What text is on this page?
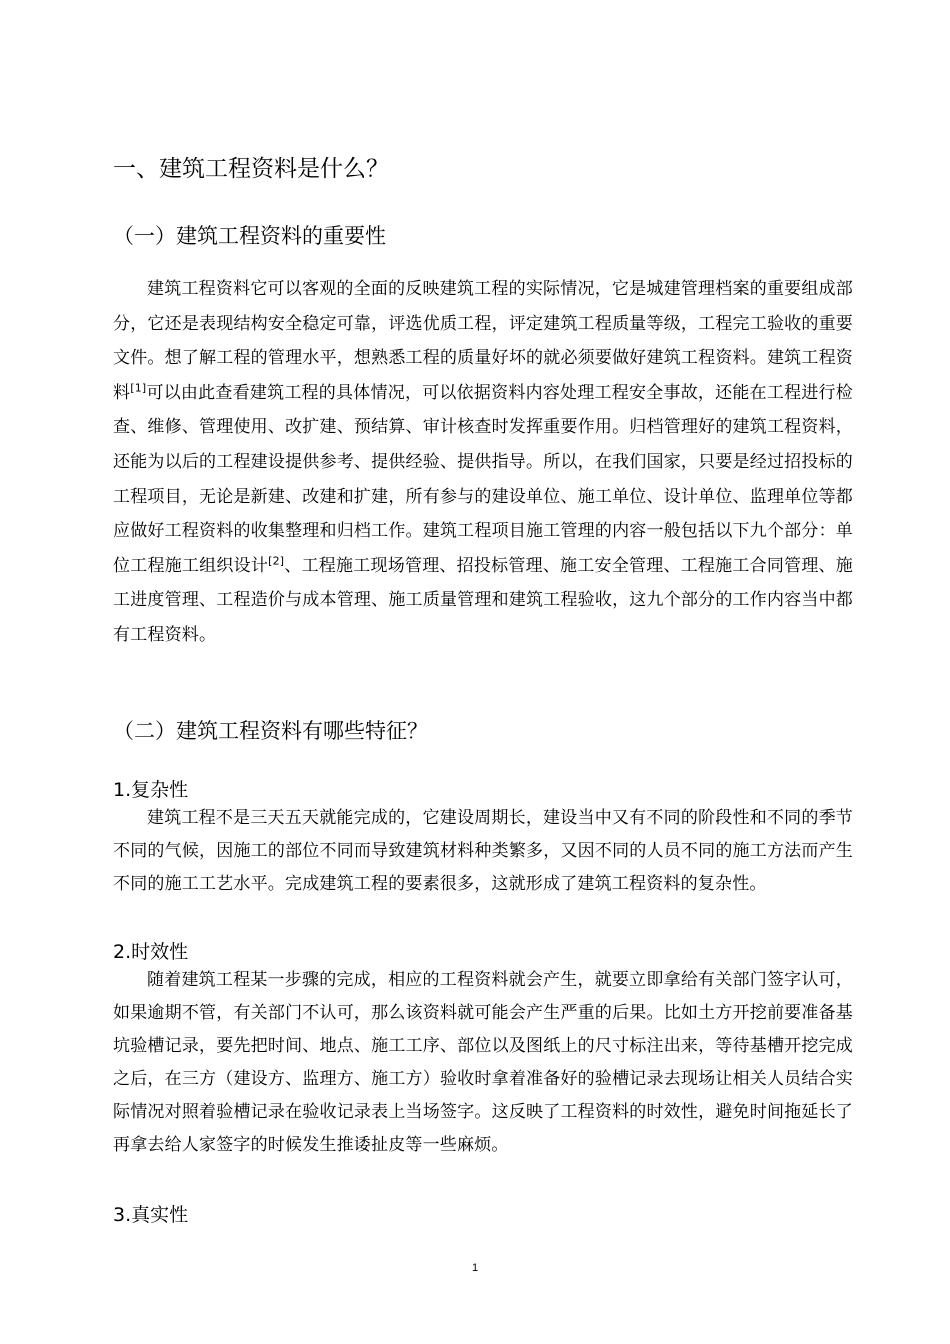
一、建筑工程资料是什么？
（一）建筑工程资料的重要性

建筑工程资料它可以客观的全面的反映建筑工程的实际情况，它是城建管理档案的重要组成部分，它还是表现结构安全稳定可靠，评选优质工程，评定建筑工程质量等级，工程完工验收的重要文件。想了解工程的管理水平，想熟悉工程的质量好坏的就必须要做好建筑工程资料。建筑工程资料[1]可以由此查看建筑工程的具体情况，可以依据资料内容处理工程安全事故，还能在工程进行检查、维修、管理使用、改扩建、预结算、审计核查时发挥重要作用。归档管理好的建筑工程资料，还能为以后的工程建设提供参考、提供经验、提供指导。所以，在我们国家，只要是经过招投标的工程项目，无论是新建、改建和扩建，所有参与的建设单位、施工单位、设计单位、监理单位等都应做好工程资料的收集整理和归档工作。建筑工程项目施工管理的内容一般包括以下九个部分：单位工程施工组织设计[2]、工程施工现场管理、招投标管理、施工安全管理、工程施工合同管理、施工进度管理、工程造价与成本管理、施工质量管理和建筑工程验收，这九个部分的工作内容当中都有工程资料。

（二）建筑工程资料有哪些特征？
1.复杂性

建筑工程不是三天五天就能完成的，它建设周期长，建设当中又有不同的阶段性和不同的季节不同的气候，因施工的部位不同而导致建筑材料种类繁多，又因不同的人员不同的施工方法而产生不同的施工工艺水平。完成建筑工程的要素很多，这就形成了建筑工程资料的复杂性。

2.时效性

随着建筑工程某一步骤的完成，相应的工程资料就会产生，就要立即拿给有关部门签字认可，如果逾期不管，有关部门不认可，那么该资料就可能会产生严重的后果。比如土方开挖前要准备基坑验槽记录，要先把时间、地点、施工工序、部位以及图纸上的尺寸标注出来，等待基槽开挖完成之后，在三方（建设方、监理方、施工方）验收时拿着准备好的验槽记录去现场让相关人员结合实际情况对照着验槽记录在验收记录表上当场签字。这反映了工程资料的时效性，避免时间拖延长了再拿去给人家签字的时候发生推诿扯皮等一些麻烦。

3.真实性
1
